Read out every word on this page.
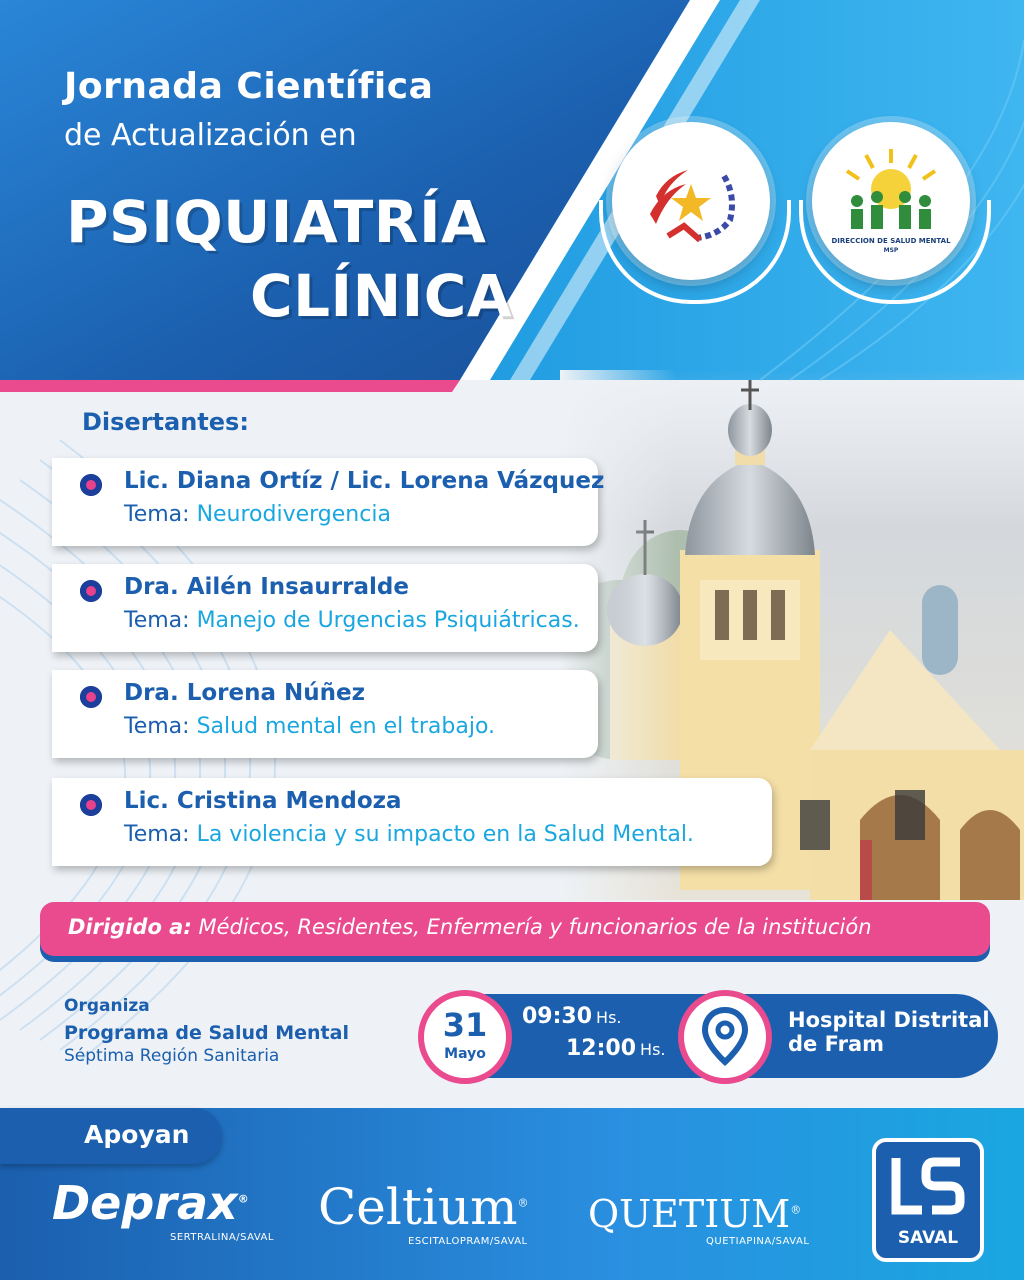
Jornada Científica
de Actualización en
PSIQUIATRÍA
CLÍNICA
DIRECCION DE SALUD MENTAL
MSP
Disertantes:
Lic. Diana Ortíz / Lic. Lorena Vázquez
Tema: Neurodivergencia
Dra. Ailén Insaurralde
Tema: Manejo de Urgencias Psiquiátricas.
Dra. Lorena Núñez
Tema: Salud mental en el trabajo.
Lic. Cristina Mendoza
Tema: La violencia y su impacto en la Salud Mental.
Dirigido a: Médicos, Residentes, Enfermería y funcionarios de la institución
Organiza
Programa de Salud Mental
Séptima Región Sanitaria
31
Mayo
09:30 Hs.
12:00 Hs.
Hospital Distrital
de Fram
Apoyan
Deprax®
SERTRALINA/SAVAL
Celtium®
ESCITALOPRAM/SAVAL
QUETIUM®
QUETIAPINA/SAVAL	SAVAL
